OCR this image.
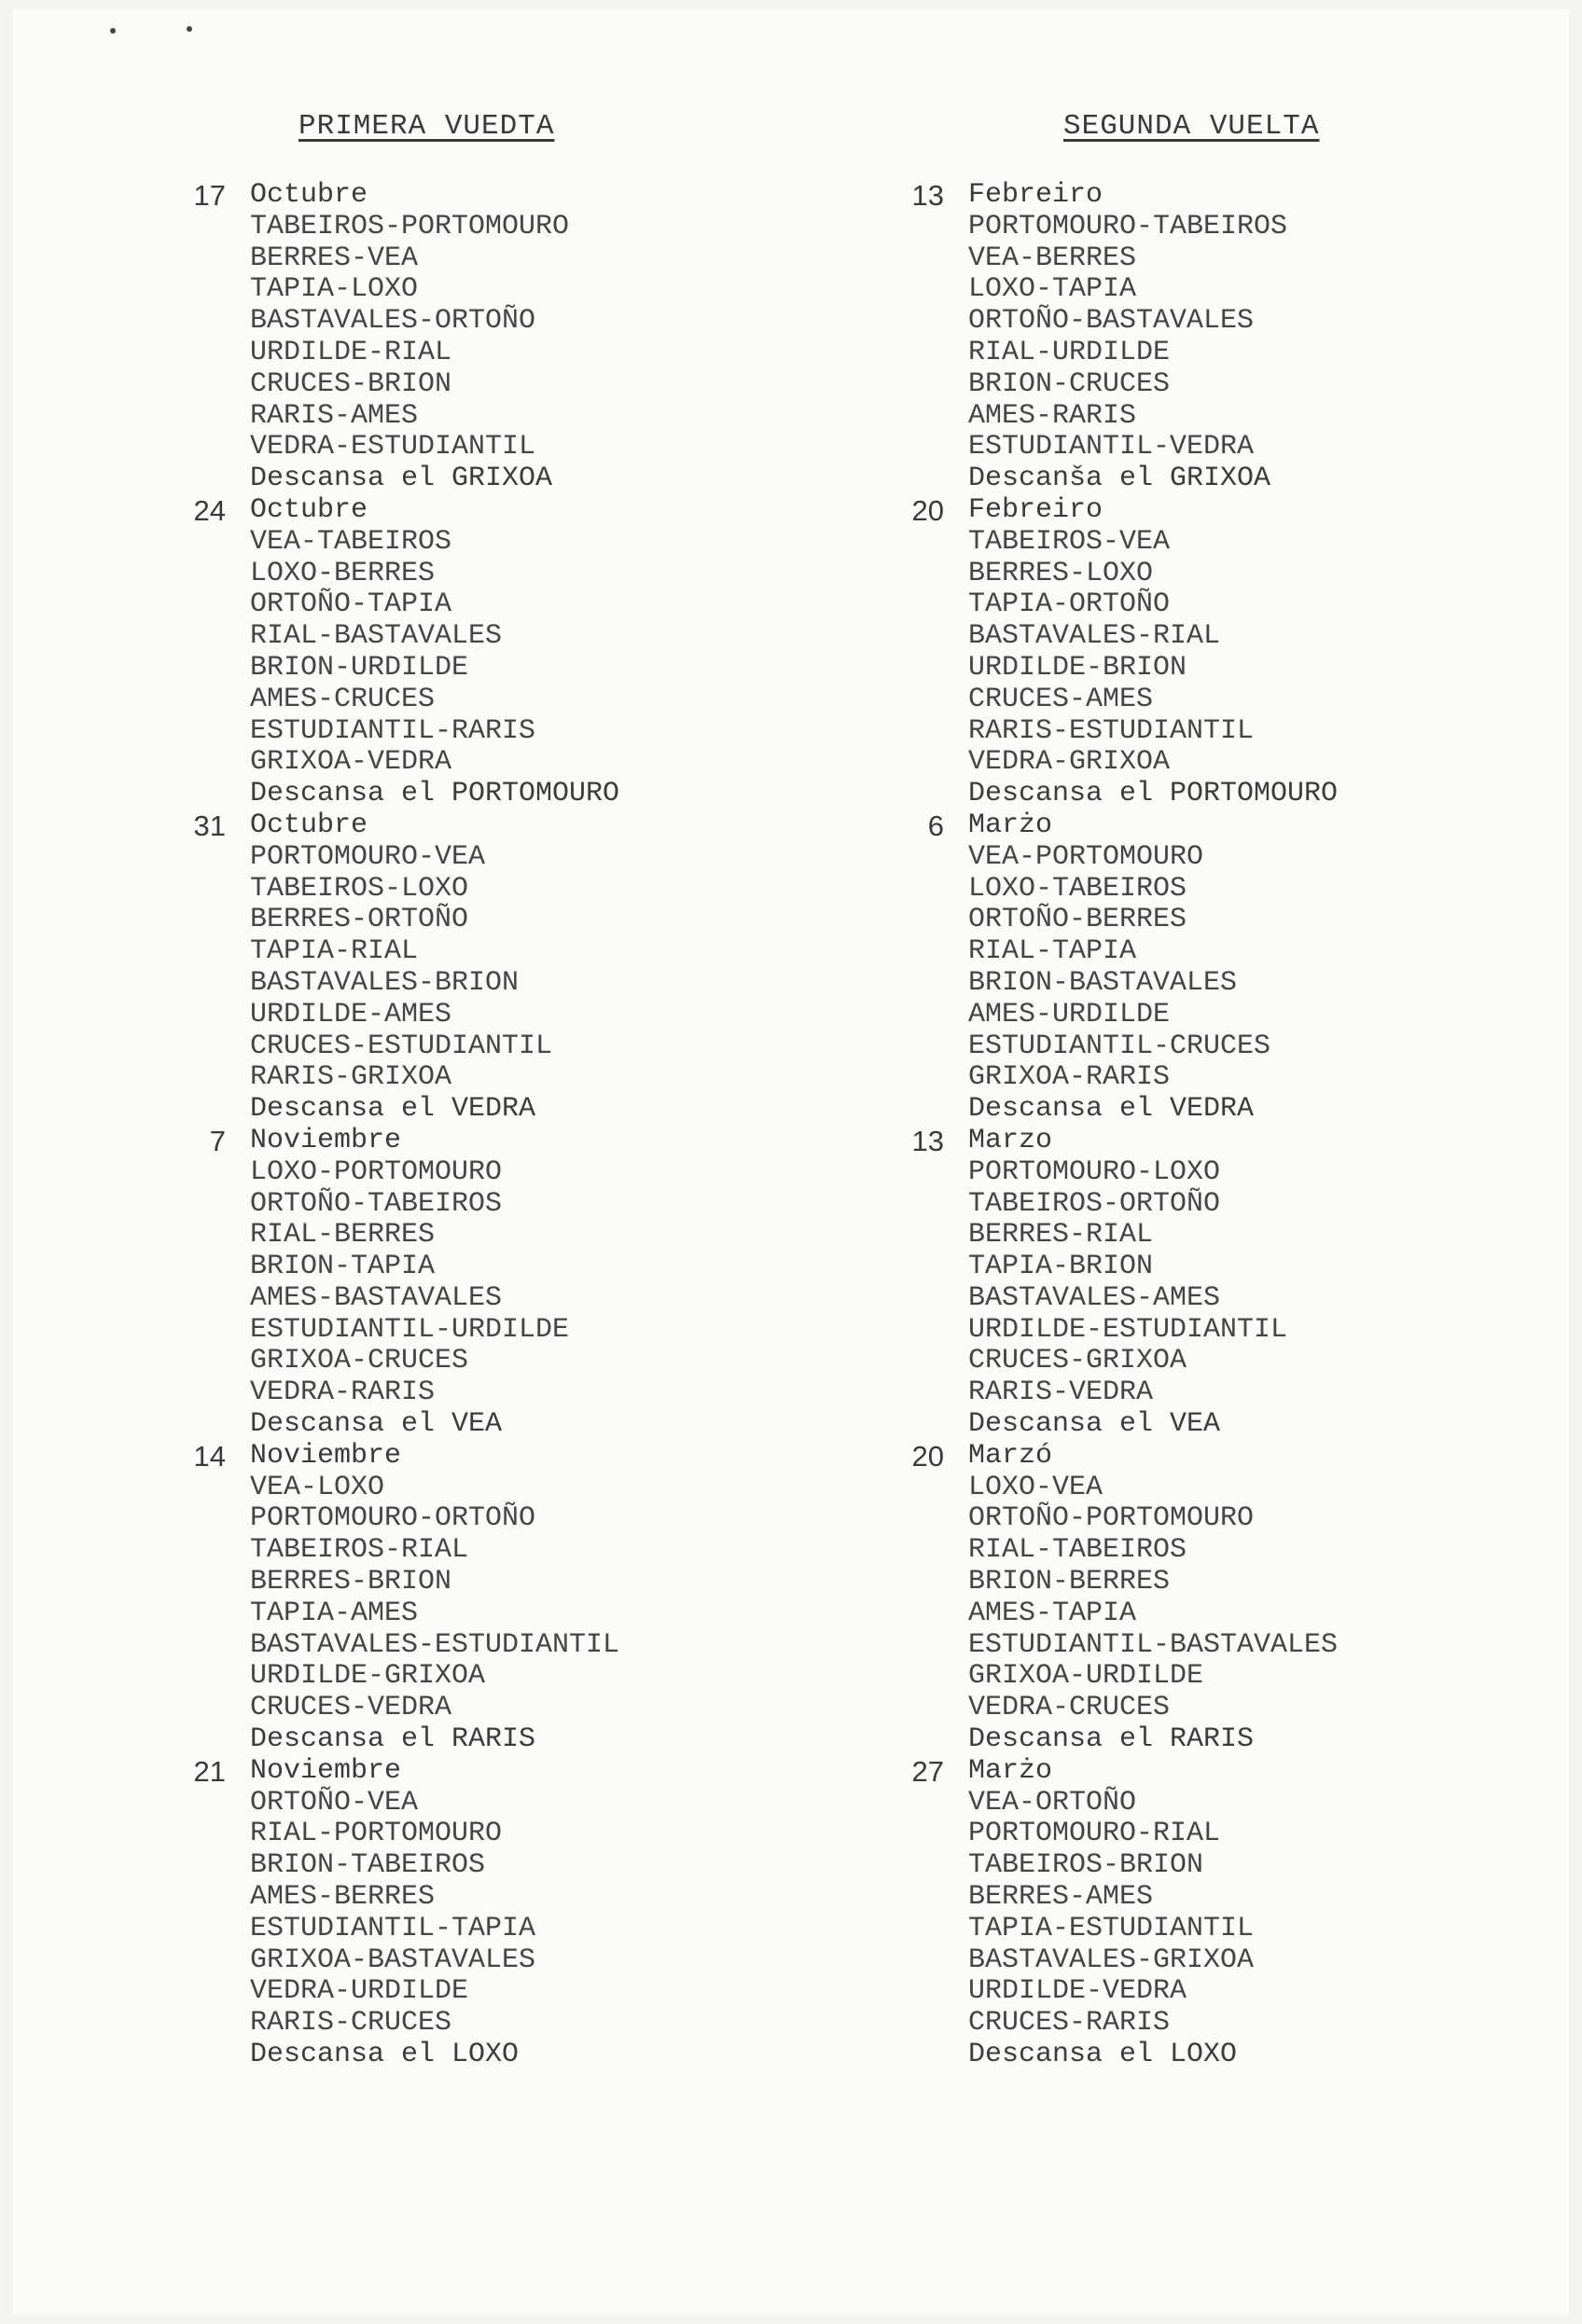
PRIMERA VUEDTA
17 Octubre
TABEIROS-PORTOMOURO
BERRES-VEA
TAPIA-LOXO
BASTAVALES-ORTOÑO
URDILDE-RIAL
CRUCES-BRION
RARIS-AMES
VEDRA-ESTUDIANTIL
Descansa el GRIXOA
24 Octubre
VEA-TABEIROS
LOXO-BERRES
ORTOÑO-TAPIA
RIAL-BASTAVALES
BRION-URDILDE
AMES-CRUCES
ESTUDIANTIL-RARIS
GRIXOA-VEDRA
Descansa el PORTOMOURO
31 Octubre
PORTOMOURO-VEA
TABEIROS-LOXO
BERRES-ORTOÑO
TAPIA-RIAL
BASTAVALES-BRION
URDILDE-AMES
CRUCES-ESTUDIANTIL
RARIS-GRIXOA
Descansa el VEDRA
7 Noviembre
LOXO-PORTOMOURO
ORTOÑO-TABEIROS
RIAL-BERRES
BRION-TAPIA
AMES-BASTAVALES
ESTUDIANTIL-URDILDE
GRIXOA-CRUCES
VEDRA-RARIS
Descansa el VEA
14 Noviembre
VEA-LOXO
PORTOMOURO-ORTOÑO
TABEIROS-RIAL
BERRES-BRION
TAPIA-AMES
BASTAVALES-ESTUDIANTIL
URDILDE-GRIXOA
CRUCES-VEDRA
Descansa el RARIS
21 Noviembre
ORTOÑO-VEA
RIAL-PORTOMOURO
BRION-TABEIROS
AMES-BERRES
ESTUDIANTIL-TAPIA
GRIXOA-BASTAVALES
VEDRA-URDILDE
RARIS-CRUCES
Descansa el LOXO
SEGUNDA VUELTA
13 Febreiro
PORTOMOURO-TABEIROS
VEA-BERRES
LOXO-TAPIA
ORTOÑO-BASTAVALES
RIAL-URDILDE
BRION-CRUCES
AMES-RARIS
ESTUDIANTIL-VEDRA
Descanša el GRIXOA
20 Febreiro
TABEIROS-VEA
BERRES-LOXO
TAPIA-ORTOÑO
BASTAVALES-RIAL
URDILDE-BRION
CRUCES-AMES
RARIS-ESTUDIANTIL
VEDRA-GRIXOA
Descansa el PORTOMOURO
6 Marżo
VEA-PORTOMOURO
LOXO-TABEIROS
ORTOÑO-BERRES
RIAL-TAPIA
BRION-BASTAVALES
AMES-URDILDE
ESTUDIANTIL-CRUCES
GRIXOA-RARIS
Descansa el VEDRA
13 Marzo
PORTOMOURO-LOXO
TABEIROS-ORTOÑO
BERRES-RIAL
TAPIA-BRION
BASTAVALES-AMES
URDILDE-ESTUDIANTIL
CRUCES-GRIXOA
RARIS-VEDRA
Descansa el VEA
20 Marzó
LOXO-VEA
ORTOÑO-PORTOMOURO
RIAL-TABEIROS
BRION-BERRES
AMES-TAPIA
ESTUDIANTIL-BASTAVALES
GRIXOA-URDILDE
VEDRA-CRUCES
Descansa el RARIS
27 Marżo
VEA-ORTOÑO
PORTOMOURO-RIAL
TABEIROS-BRION
BERRES-AMES
TAPIA-ESTUDIANTIL
BASTAVALES-GRIXOA
URDILDE-VEDRA
CRUCES-RARIS
Descansa el LOXO
